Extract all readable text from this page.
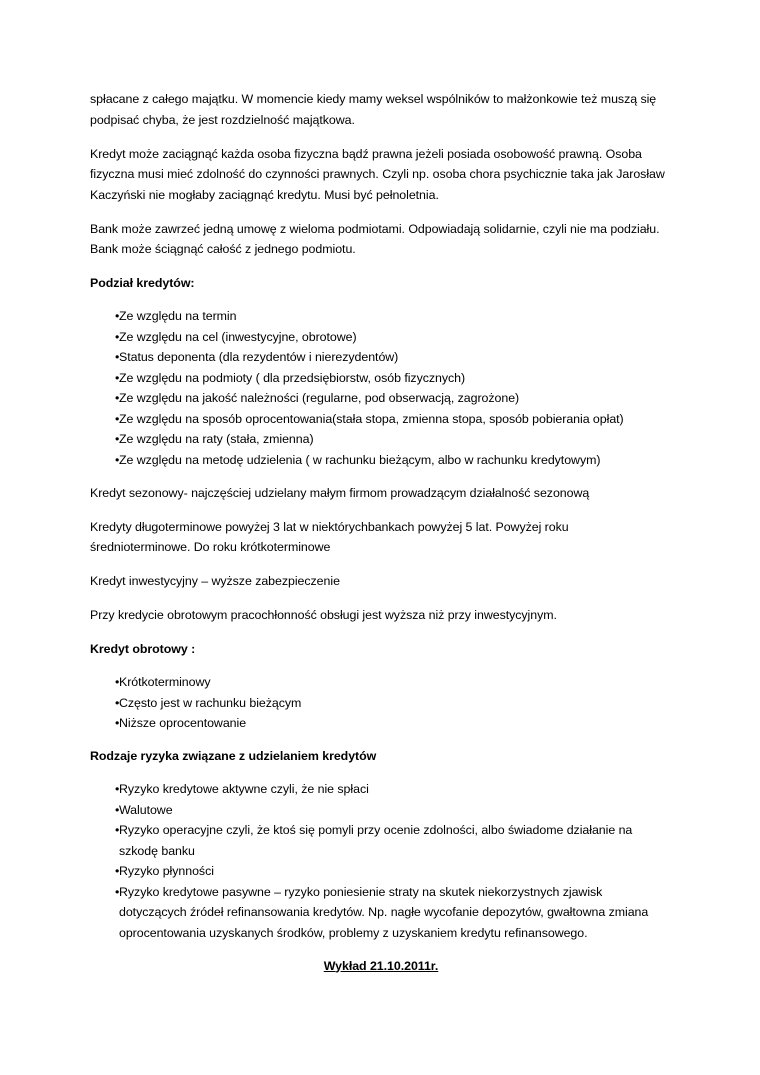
spłacane z całego majątku. W momencie kiedy mamy weksel wspólników to małżonkowie też muszą się podpisać chyba, że jest rozdzielność majątkowa.

Kredyt może zaciągnąć każda osoba fizyczna bądź prawna jeżeli posiada osobowość prawną. Osoba fizyczna musi mieć zdolność do czynności prawnych. Czyli np. osoba chora psychicznie taka jak Jarosław Kaczyński nie mogłaby zaciągnąć kredytu. Musi być pełnoletnia.

Bank może zawrzeć jedną umowę z wieloma podmiotami. Odpowiadają solidarnie, czyli nie ma podziału. Bank może ściągnąć całość z jednego podmiotu.

Podział kredytów:

• Ze względu na termin
• Ze względu na cel (inwestycyjne, obrotowe)
• Status deponenta (dla rezydentów i nierezydentów)
• Ze względu na podmioty ( dla przedsiębiorstw, osób fizycznych)
• Ze względu na jakość należności (regularne, pod obserwacją, zagrożone)
• Ze względu na sposób oprocentowania(stała stopa, zmienna stopa, sposób pobierania opłat)
• Ze względu na raty (stała, zmienna)
• Ze względu na metodę udzielenia ( w rachunku bieżącym, albo w rachunku kredytowym)

Kredyt sezonowy- najczęściej udzielany małym firmom prowadzącym działalność sezonową

Kredyty długoterminowe powyżej 3 lat w niektórychbankach powyżej 5 lat. Powyżej roku średnioterminowe. Do roku krótkoterminowe

Kredyt inwestycyjny – wyższe zabezpieczenie

Przy kredycie obrotowym pracochłonność obsługi jest wyższa niż przy inwestycyjnym.

Kredyt obrotowy :

• Krótkoterminowy
• Często jest w rachunku bieżącym
• Niższe oprocentowanie

Rodzaje ryzyka związane z udzielaniem kredytów

• Ryzyko kredytowe aktywne czyli, że nie spłaci
• Walutowe
• Ryzyko operacyjne czyli, że ktoś się pomyli przy ocenie zdolności, albo świadome działanie na szkodę banku
• Ryzyko płynności
• Ryzyko kredytowe pasywne – ryzyko poniesienie straty na skutek niekorzystnych zjawisk dotyczących źródeł refinansowania kredytów. Np. nagłe wycofanie depozytów, gwałtowna zmiana oprocentowania uzyskanych środków, problemy z uzyskaniem kredytu refinansowego.

Wykład 21.10.2011r.
